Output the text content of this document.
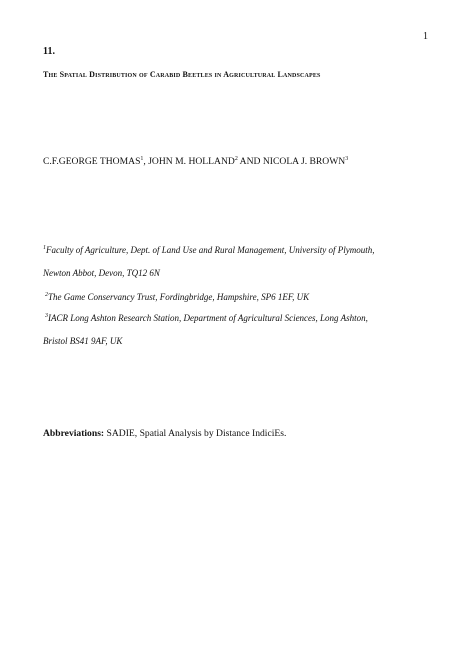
1
11.
The Spatial Distribution of Carabid Beetles in Agricultural Landscapes
C.F.GEORGE THOMAS$^1$, JOHN M. HOLLAND$^2$ AND NICOLA J. BROWN$^3$
$^1$Faculty of Agriculture, Dept. of Land Use and Rural Management, University of Plymouth,
Newton Abbot, Devon, TQ12 6N
$^2$The Game Conservancy Trust, Fordingbridge, Hampshire, SP6 1EF, UK
$^3$IACR Long Ashton Research Station, Department of Agricultural Sciences, Long Ashton,
Bristol BS41 9AF, UK
Abbreviations: SADIE, Spatial Analysis by Distance IndiciEs.
